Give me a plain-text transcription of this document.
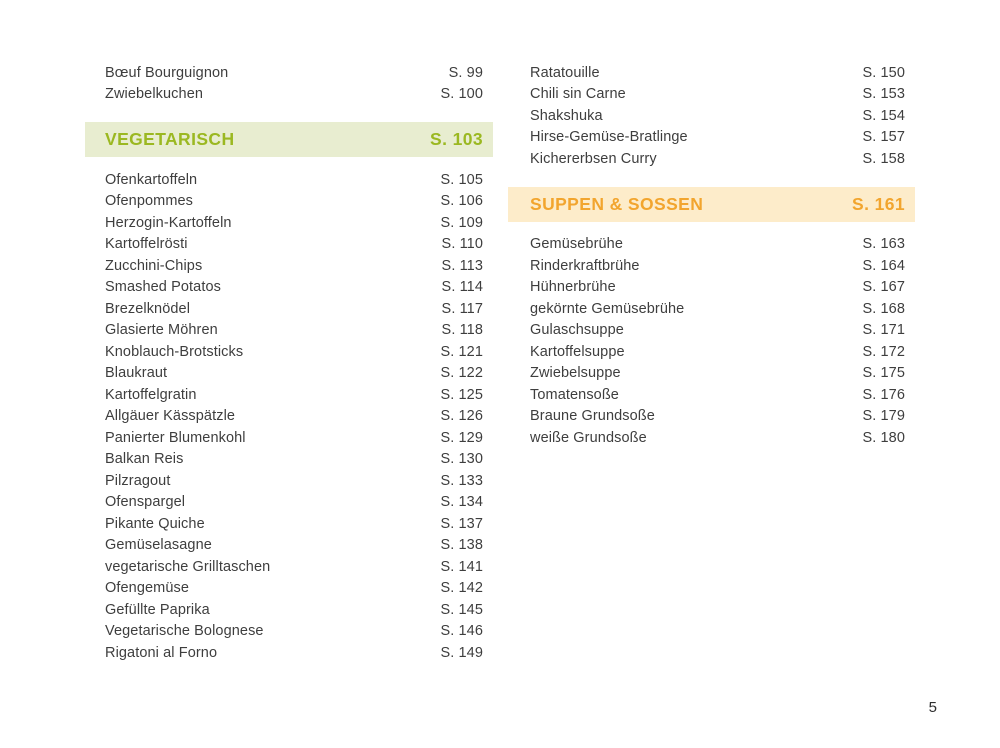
Bœuf Bourguignon	S. 99
Zwiebelkuchen	S. 100
VEGETARISCH	S. 103
Ofenkartoffeln	S. 105
Ofenpommes	S. 106
Herzogin-Kartoffeln	S. 109
Kartoffelrösti	S. 110
Zucchini-Chips	S. 113
Smashed Potatos	S. 114
Brezelknödel	S. 117
Glasierte Möhren	S. 118
Knoblauch-Brotsticks	S. 121
Blaukraut	S. 122
Kartoffelgratin	S. 125
Allgäuer Kässpätzle	S. 126
Panierter Blumenkohl	S. 129
Balkan Reis	S. 130
Pilzragout	S. 133
Ofenspargel	S. 134
Pikante Quiche	S. 137
Gemüselasagne	S. 138
vegetarische Grilltaschen	S. 141
Ofengemüse	S. 142
Gefüllte Paprika	S. 145
Vegetarische Bolognese	S. 146
Rigatoni al Forno	S. 149
Ratatouille	S. 150
Chili sin Carne	S. 153
Shakshuka	S. 154
Hirse-Gemüse-Bratlinge	S. 157
Kichererbsen Curry	S. 158
SUPPEN & SOSSEN	S. 161
Gemüsebrühe	S. 163
Rinderkraftbrühe	S. 164
Hühnerbrühe	S. 167
gekörnte Gemüsebrühe	S. 168
Gulaschsuppe	S. 171
Kartoffelsuppe	S. 172
Zwiebelsuppe	S. 175
Tomatensoße	S. 176
Braune Grundsoße	S. 179
weiße Grundsoße	S. 180
5
